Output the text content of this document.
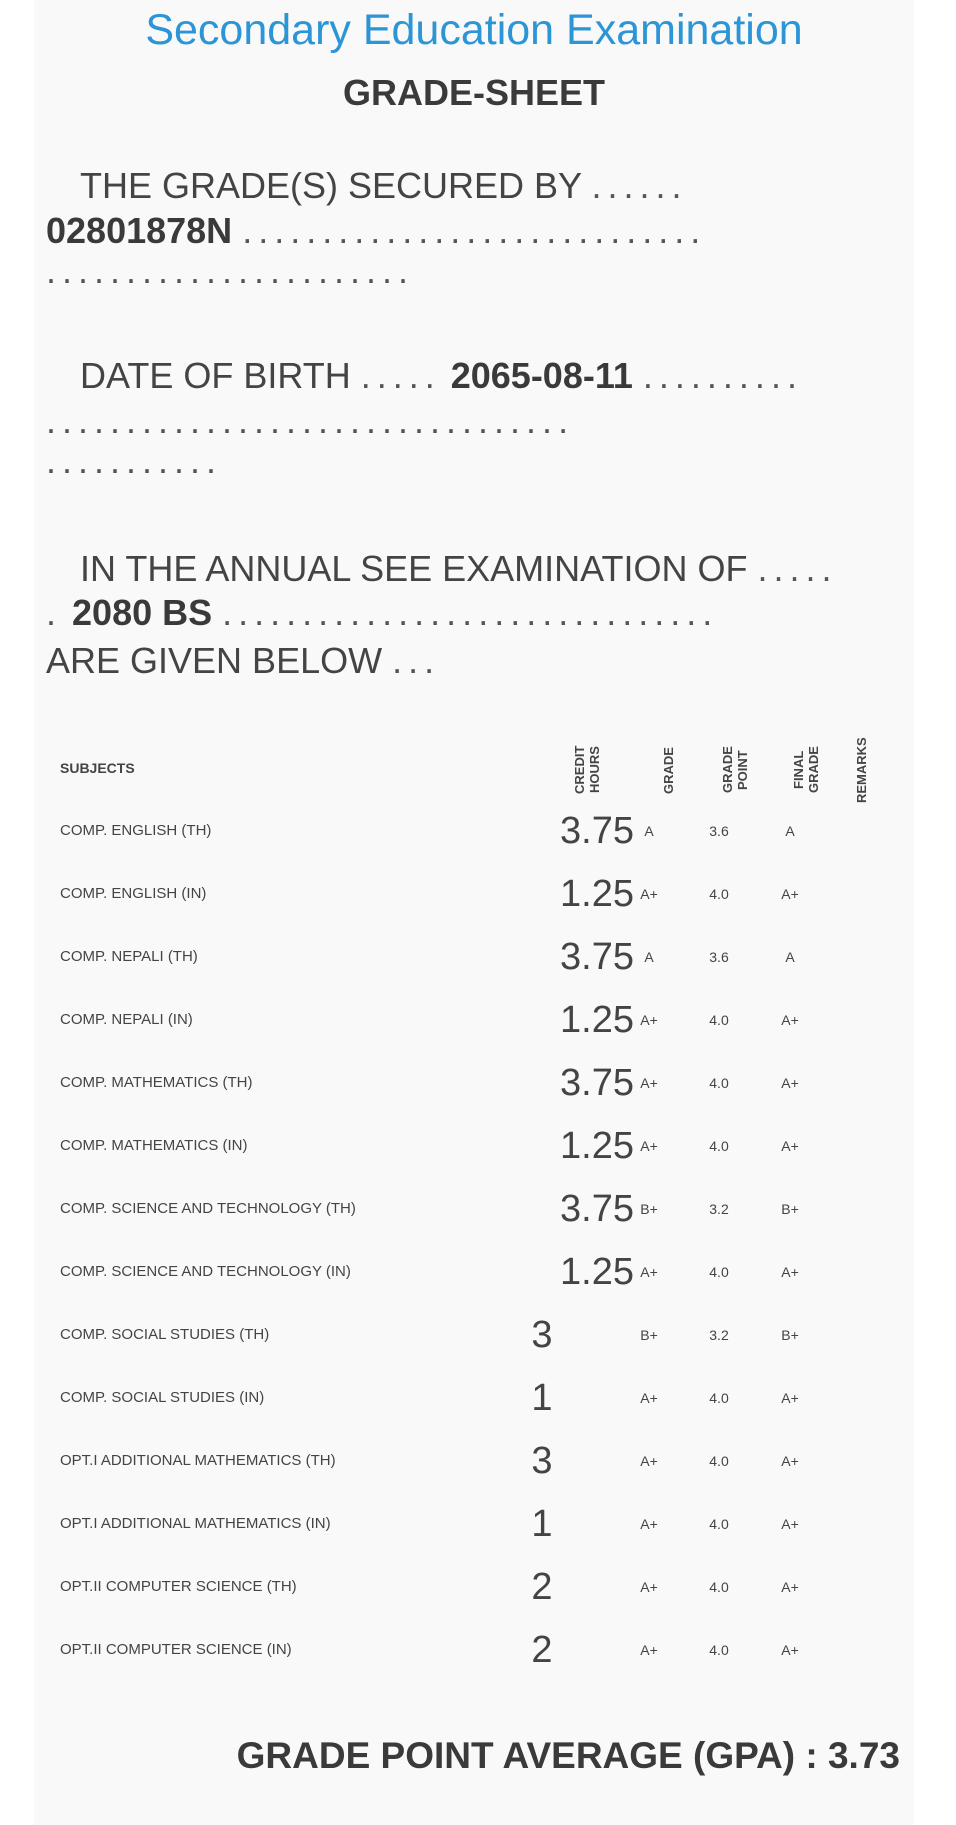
Secondary Education Examination
GRADE-SHEET
THE GRADE(S) SECURED BY ......
02801878N .............................
.......................
DATE OF BIRTH ..... 2065-08-11 ..........
.................................
...........
IN THE ANNUAL SEE EXAMINATION OF .....
. 2080 BS ...............................
ARE GIVEN BELOW ...
SUBJECTS	CREDIT HOURS	GRADE	GRADE POINT	FINAL GRADE	REMARKS
COMP. ENGLISH (TH)	3.75 A	3.6	A
COMP. ENGLISH (IN)	1.25 A+	4.0	A+
COMP. NEPALI (TH)	3.75 A	3.6	A
COMP. NEPALI (IN)	1.25 A+	4.0	A+
COMP. MATHEMATICS (TH)	3.75 A+	4.0	A+
COMP. MATHEMATICS (IN)	1.25 A+	4.0	A+
COMP. SCIENCE AND TECHNOLOGY (TH)	3.75 B+	3.2	B+
COMP. SCIENCE AND TECHNOLOGY (IN)	1.25 A+	4.0	A+
COMP. SOCIAL STUDIES (TH)	3	B+	3.2	B+
COMP. SOCIAL STUDIES (IN)	1	A+	4.0	A+
OPT.I ADDITIONAL MATHEMATICS (TH)	3	A+	4.0	A+
OPT.I ADDITIONAL MATHEMATICS (IN)	1	A+	4.0	A+
OPT.II COMPUTER SCIENCE (TH)	2	A+	4.0	A+
OPT.II COMPUTER SCIENCE (IN)	2	A+	4.0	A+
GRADE POINT AVERAGE (GPA) : 3.73
